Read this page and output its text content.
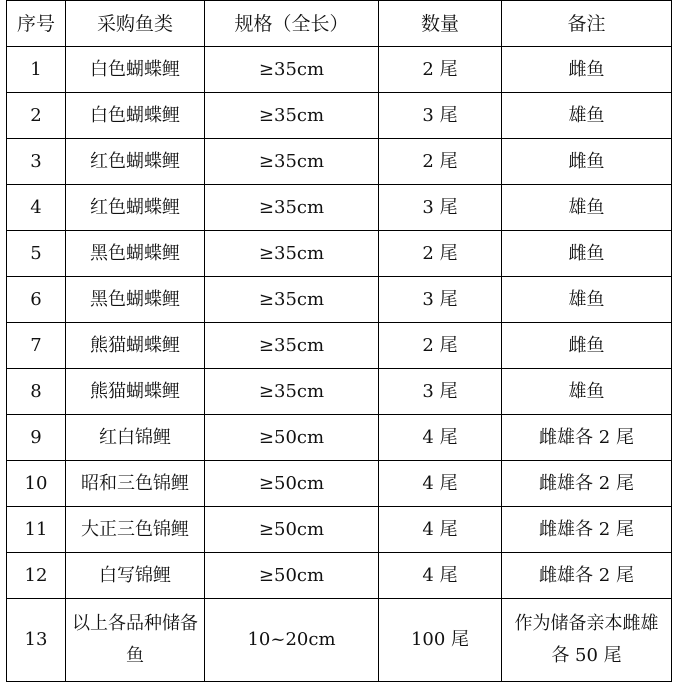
序号	采购鱼类	规格（全长）	数量	备注
1	白色蝴蝶鲤	≥35cm	2 尾	雌鱼
2	白色蝴蝶鲤	≥35cm	3 尾	雄鱼
3	红色蝴蝶鲤	≥35cm	2 尾	雌鱼
4	红色蝴蝶鲤	≥35cm	3 尾	雄鱼
5	黑色蝴蝶鲤	≥35cm	2 尾	雌鱼
6	黑色蝴蝶鲤	≥35cm	3 尾	雄鱼
7	熊猫蝴蝶鲤	≥35cm	2 尾	雌鱼
8	熊猫蝴蝶鲤	≥35cm	3 尾	雄鱼
9	红白锦鲤	≥50cm	4 尾	雌雄各 2 尾
10	昭和三色锦鲤	≥50cm	4 尾	雌雄各 2 尾
11	大正三色锦鲤	≥50cm	4 尾	雌雄各 2 尾
12	白写锦鲤	≥50cm	4 尾	雌雄各 2 尾
13	以上各品种储备鱼	10~20cm	100 尾	作为储备亲本雌雄各 50 尾
